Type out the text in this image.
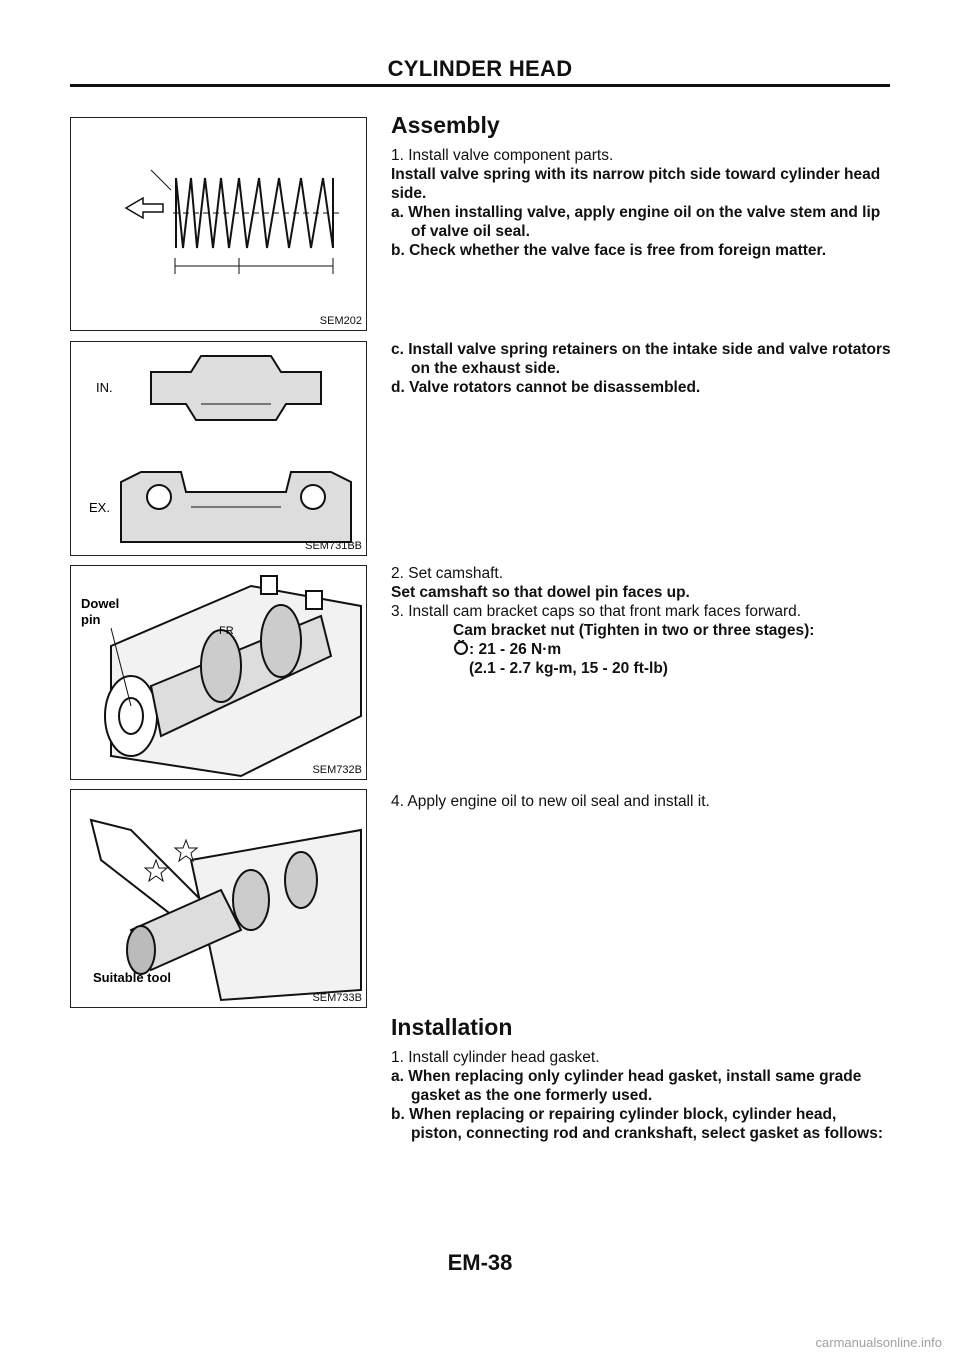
CYLINDER HEAD
SEM202
IN.
EX.
SEM731BB
Dowel
pin
FR
SEM732B
Suitable tool
SEM733B
Assembly

1. Install valve component parts.

Install valve spring with its narrow pitch side toward cylinder head side.

a. When installing valve, apply engine oil on the valve stem and lip of valve oil seal.

b. Check whether the valve face is free from foreign matter.

c. Install valve spring retainers on the intake side and valve rotators on the exhaust side.

d. Valve rotators cannot be disassembled.

2. Set camshaft.

Set camshaft so that dowel pin faces up.

3. Install cam bracket caps so that front mark faces forward.

Cam bracket nut (Tighten in two or three stages):

: 21 - 26 N·m

(2.1 - 2.7 kg-m, 15 - 20 ft-lb)

4. Apply engine oil to new oil seal and install it.

Installation

1. Install cylinder head gasket.

a. When replacing only cylinder head gasket, install same grade gasket as the one formerly used.

b. When replacing or repairing cylinder block, cylinder head, piston, connecting rod and crankshaft, select gasket as follows:

EM-38
carmanualsonline.info
